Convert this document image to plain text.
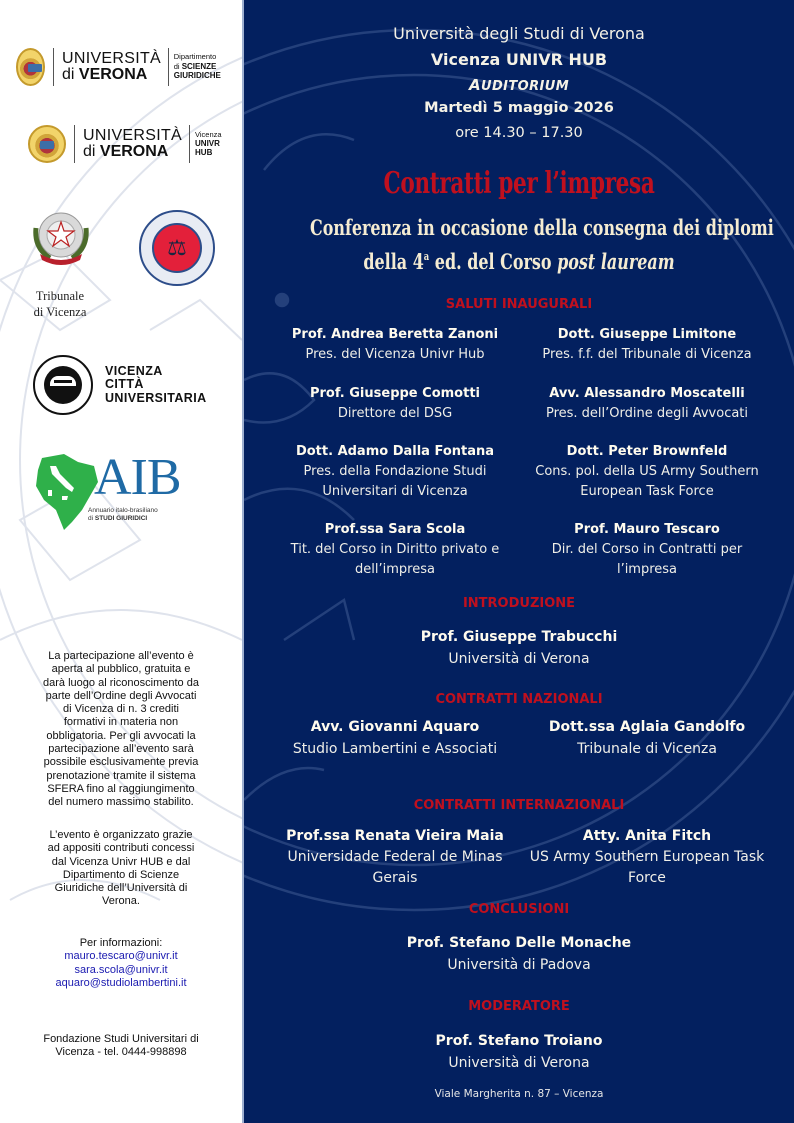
UNIVERSITÀ
di VERONA
Dipartimento
di SCIENZE GIURIDICHE
UNIVERSITÀ
di VERONA
Vicenza
UNIVR
HUB
Tribunale
di Vicenza
⚖
VICENZA
CITTÀ
UNIVERSITARIA
AIB
Annuario italo-brasiliano
di STUDI GIURIDICI
La partecipazione all’evento è
aperta al pubblico, gratuita e
darà luogo al riconoscimento da
parte dell’Ordine degli Avvocati
di Vicenza di n. 3 crediti
formativi in materia non
obbligatoria. Per gli avvocati la
partecipazione all’evento sarà
possibile esclusivamente previa
prenotazione tramite il sistema
SFERA fino al raggiungimento
del numero massimo stabilito.
L’evento è organizzato grazie
ad appositi contributi concessi
dal Vicenza Univr HUB e dal
Dipartimento di Scienze
Giuridiche dell’Università di
Verona.
Per informazioni:
mauro.tescaro@univr.it
sara.scola@univr.it
aquaro@studiolambertini.it
Fondazione Studi Universitari di
Vicenza - tel. 0444-998898
Università degli Studi di Verona
Vicenza UNIVR HUB
AUDITORIUM
Martedì 5 maggio 2026
ore 14.30 – 17.30
Contratti per l’impresa
Conferenza in occasione della consegna dei diplomi
della 4$^a$ ed. del Corso post lauream
SALUTI INAUGURALI
Prof. Andrea Beretta Zanoni
Pres. del Vicenza Univr Hub
Dott. Giuseppe Limitone
Pres. f.f. del Tribunale di Vicenza
Prof. Giuseppe Comotti
Direttore del DSG
Avv. Alessandro Moscatelli
Pres. dell’Ordine degli Avvocati
Dott. Adamo Dalla Fontana
Pres. della Fondazione Studi
Universitari di Vicenza
Dott. Peter Brownfeld
Cons. pol. della US Army Southern
European Task Force
Prof.ssa Sara Scola
Tit. del Corso in Diritto privato e
dell’impresa
Prof. Mauro Tescaro
Dir. del Corso in Contratti per
l’impresa
INTRODUZIONE
Prof. Giuseppe Trabucchi
Università di Verona
CONTRATTI NAZIONALI
Avv. Giovanni Aquaro
Studio Lambertini e Associati
Dott.ssa Aglaia Gandolfo
Tribunale di Vicenza
CONTRATTI INTERNAZIONALI
Prof.ssa Renata Vieira Maia
Universidade Federal de Minas
Gerais
Atty. Anita Fitch
US Army Southern European Task
Force
CONCLUSIONI
Prof. Stefano Delle Monache
Università di Padova
MODERATORE
Prof. Stefano Troiano
Università di Verona
Viale Margherita n. 87 – Vicenza
